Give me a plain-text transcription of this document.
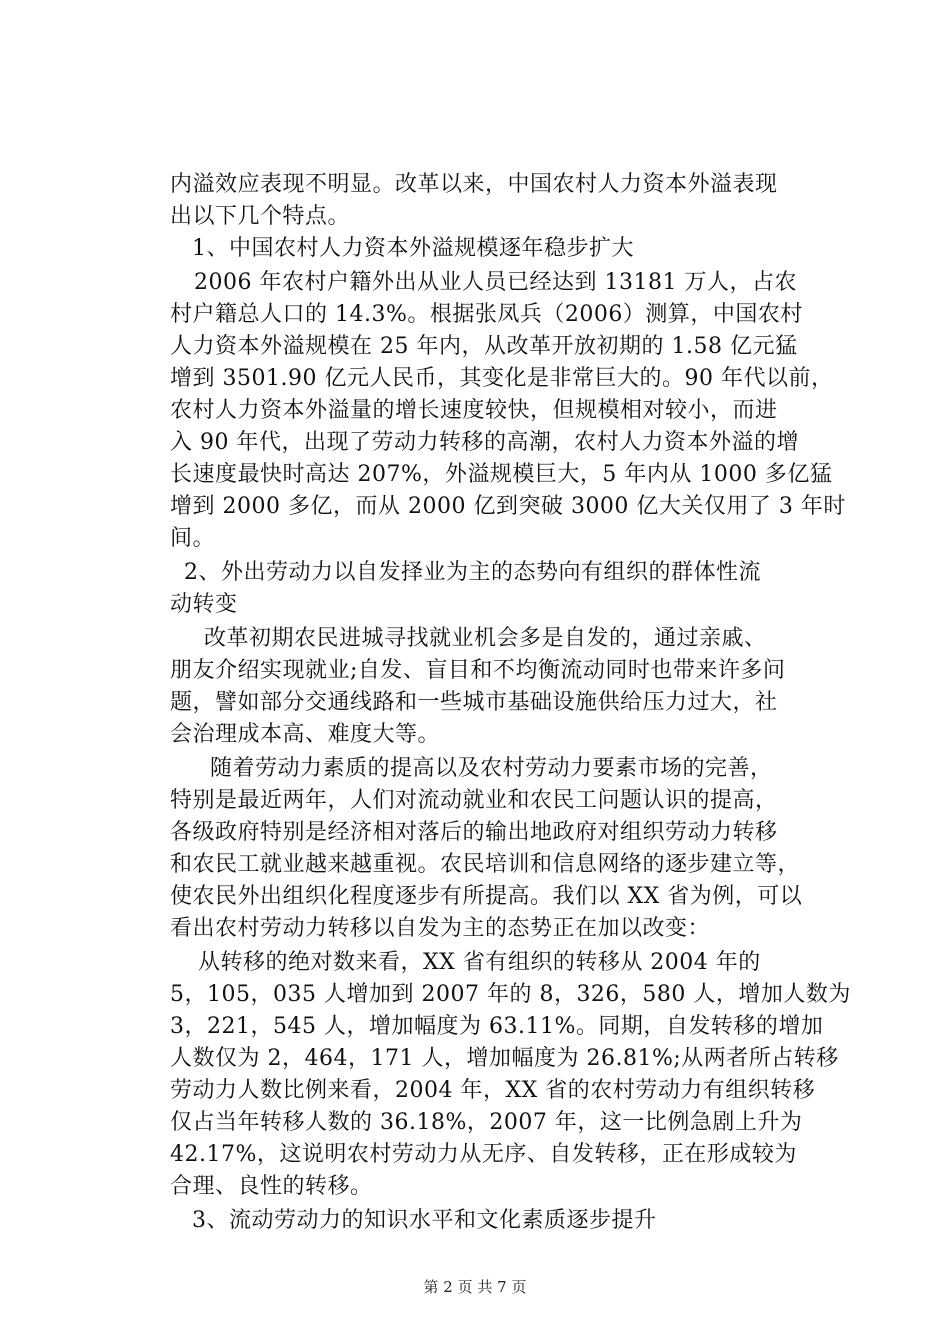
内溢效应表现不明显。改革以来，中国农村人力资本外溢表现
出以下几个特点。
1、中国农村人力资本外溢规模逐年稳步扩大
2006 年农村户籍外出从业人员已经达到 13181 万人，占农
村户籍总人口的 14.3%。根据张凤兵（2006）测算，中国农村
人力资本外溢规模在 25 年内，从改革开放初期的 1.58 亿元猛
增到 3501.90 亿元人民币，其变化是非常巨大的。90 年代以前，
农村人力资本外溢量的增长速度较快，但规模相对较小，而进
入 90 年代，出现了劳动力转移的高潮，农村人力资本外溢的增
长速度最快时高达 207%，外溢规模巨大，5 年内从 1000 多亿猛
增到 2000 多亿，而从 2000 亿到突破 3000 亿大关仅用了 3 年时
间。
2、外出劳动力以自发择业为主的态势向有组织的群体性流
动转变
改革初期农民进城寻找就业机会多是自发的，通过亲戚、
朋友介绍实现就业;自发、盲目和不均衡流动同时也带来许多问
题，譬如部分交通线路和一些城市基础设施供给压力过大，社
会治理成本高、难度大等。
随着劳动力素质的提高以及农村劳动力要素市场的完善，
特别是最近两年，人们对流动就业和农民工问题认识的提高，
各级政府特别是经济相对落后的输出地政府对组织劳动力转移
和农民工就业越来越重视。农民培训和信息网络的逐步建立等，
使农民外出组织化程度逐步有所提高。我们以 XX 省为例，可以
看出农村劳动力转移以自发为主的态势正在加以改变：
从转移的绝对数来看，XX 省有组织的转移从 2004 年的
5，105，035 人增加到 2007 年的 8，326，580 人，增加人数为
3，221，545 人，增加幅度为 63.11%。同期，自发转移的增加
人数仅为 2，464，171 人，增加幅度为 26.81%;从两者所占转移
劳动力人数比例来看，2004 年，XX 省的农村劳动力有组织转移
仅占当年转移人数的 36.18%，2007 年，这一比例急剧上升为
42.17%，这说明农村劳动力从无序、自发转移，正在形成较为
合理、良性的转移。
3、流动劳动力的知识水平和文化素质逐步提升
第 2 页 共 7 页
